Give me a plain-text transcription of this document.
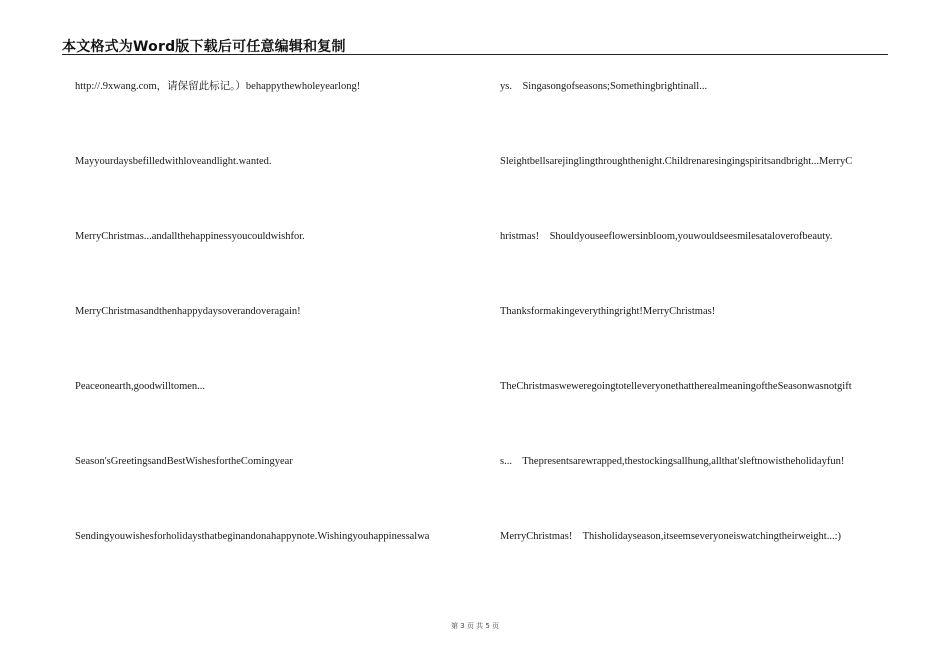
本文格式为Word版下载后可任意编辑和复制
http://.9xwang.com，请保留此标记。）behappythewholeyearlong!
Mayyourdaysbefilledwithloveandlight.wanted.
MerryChristmas...andallthehappinessyoucouldwishfor.
MerryChristmasandthenhappydaysoverandoveragain!
Peaceonearth,goodwilltomen...
Season'sGreetingsandBestWishesfortheComingyear
Sendingyouwishesforholidaysthatbeginandonahappynote.Wishingyouhappinessalwa
ys.    Singasongofseasons;Somethingbrightinall...
Sleightbellsarejinglingthroughthenight.Childrenaresingingspiritsandbright...MerryC
hristmas!    Shouldyouseeflowersinbloom,youwouldseesmilesataloverofbeauty.
Thanksformakingeverythingright!MerryChristmas!
TheChristmasweweregoingtotelleveryonethattherealmeaningoftheSeasonwasnotgift
s...    Thepresentsarewrapped,thestockingsallhung,allthat'sleftnowistheholidayfun!
MerryChristmas!    Thisholidayseason,itseemseveryoneiswatchingtheirweight...:)
第 3 页 共 5 页
